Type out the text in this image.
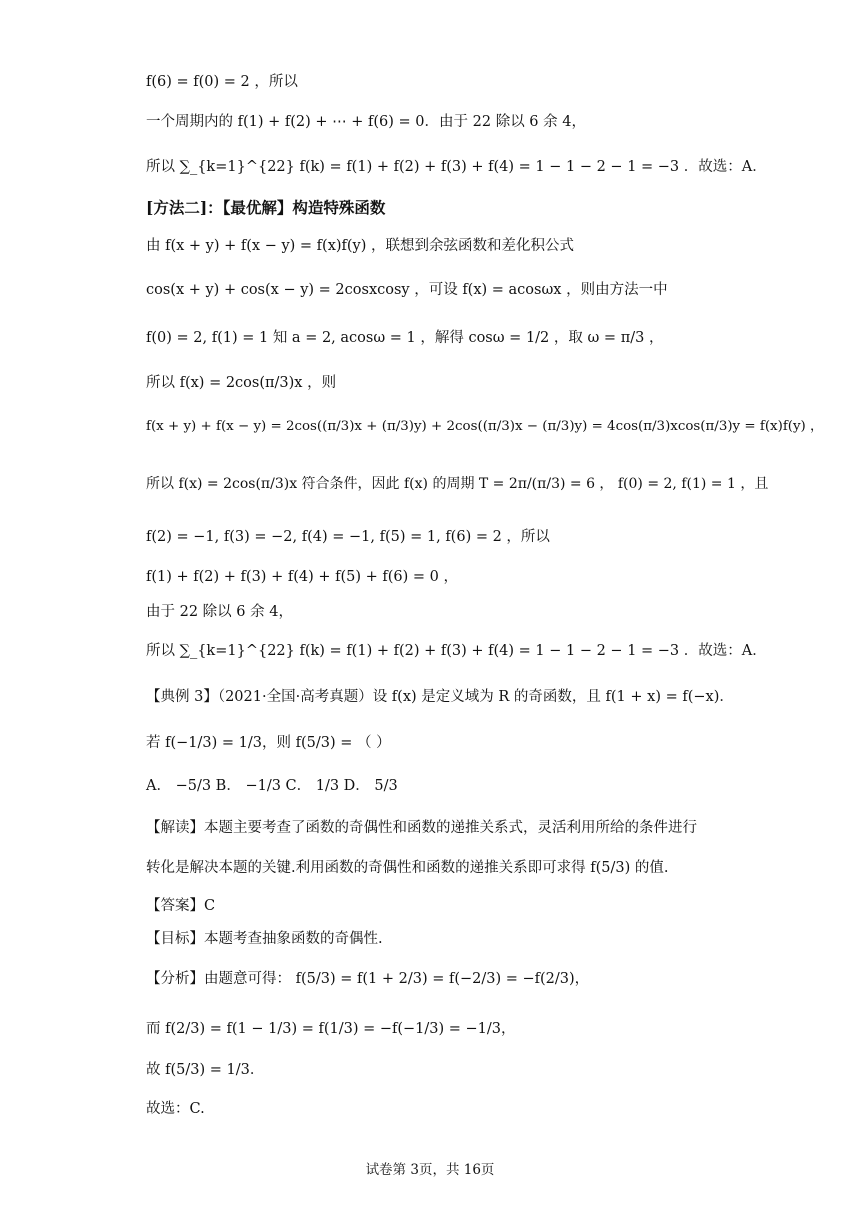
f(6) = f(0) = 2 ，所以
一个周期内的 f(1) + f(2) + ⋯ + f(6) = 0．由于 22 除以 6 余 4，
所以 ∑_{k=1}^{22} f(k) = f(1) + f(2) + f(3) + f(4) = 1 − 1 − 2 − 1 = −3 ．故选：A．
[方法二]：【最优解】构造特殊函数
由 f(x + y) + f(x − y) = f(x)f(y) ，联想到余弦函数和差化积公式
cos(x + y) + cos(x − y) = 2cosxcosy ，可设 f(x) = acosωx ，则由方法一中
f(0) = 2, f(1) = 1 知 a = 2, acosω = 1 ，解得 cosω = 1/2 ，取 ω = π/3 ，
所以 f(x) = 2cos(π/3)x ，则
f(x + y) + f(x − y) = 2cos((π/3)x + (π/3)y) + 2cos((π/3)x − (π/3)y) = 4cos(π/3)xcos(π/3)y = f(x)f(y) ，
所以 f(x) = 2cos(π/3)x 符合条件，因此 f(x) 的周期 T = 2π/(π/3) = 6 ， f(0) = 2, f(1) = 1 ，且
f(2) = −1, f(3) = −2, f(4) = −1, f(5) = 1, f(6) = 2 ，所以
f(1) + f(2) + f(3) + f(4) + f(5) + f(6) = 0 ，
由于 22 除以 6 余 4，
所以 ∑_{k=1}^{22} f(k) = f(1) + f(2) + f(3) + f(4) = 1 − 1 − 2 − 1 = −3 ．故选：A．
【典例 3】（2021·全国·高考真题）设 f(x) 是定义域为 R 的奇函数，且 f(1 + x) = f(−x)．
若 f(−1/3) = 1/3，则 f(5/3) = （ ）
A． −5/3 B． −1/3 C． 1/3 D． 5/3
【解读】本题主要考查了函数的奇偶性和函数的递推关系式，灵活利用所给的条件进行
转化是解决本题的关键.利用函数的奇偶性和函数的递推关系即可求得 f(5/3) 的值.
【答案】C
【目标】本题考查抽象函数的奇偶性.
【分析】由题意可得： f(5/3) = f(1 + 2/3) = f(−2/3) = −f(2/3)，
而 f(2/3) = f(1 − 1/3) = f(1/3) = −f(−1/3) = −1/3，
故 f(5/3) = 1/3．
故选：C.
试卷第 3页，共 16页
